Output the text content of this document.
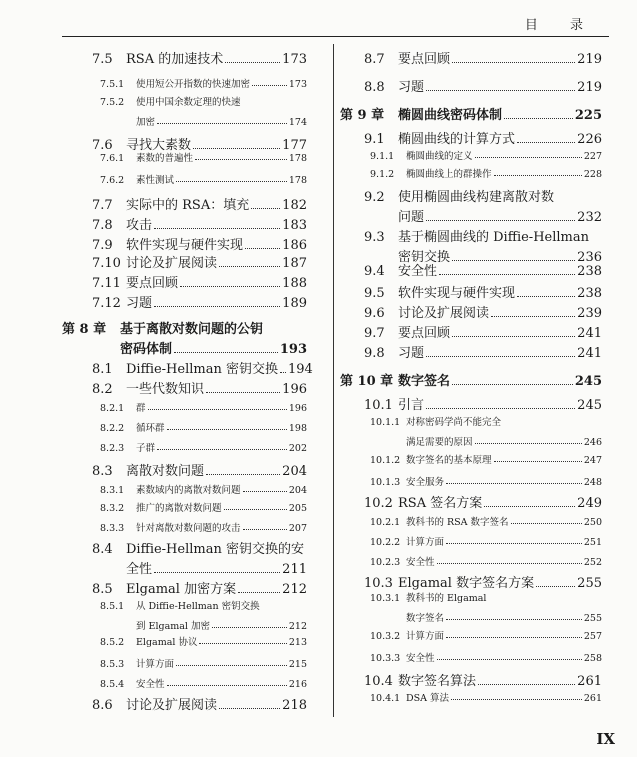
目 录
7.5	RSA 的加速技术	173
7.5.1	使用短公开指数的快速加密	173
7.5.2 使用中国余数定理的快速
加密	174
7.6	寻找大素数	177
7.6.1	素数的普遍性	178
7.6.2	素性测试	178
7.7	实际中的 RSA：填充	182
7.8	攻击	183
7.9	软件实现与硬件实现	186
7.10 讨论及扩展阅读	187
7.11 要点回顾	188
7.12 习题	189
第 8 章 基于离散对数问题的公钥
密码体制	193
8.1	Diffie-Hellman 密钥交换 194
8.2	一些代数知识	196
8.2.1	群	196
8.2.2	循环群	198
8.2.3	子群	202
8.3	离散对数问题	204
8.3.1	素数域内的离散对数问题	204
8.3.2	推广的离散对数问题	205
8.3.3	针对离散对数问题的攻击	207
8.4 Diffie-Hellman 密钥交换的安
全性	211
8.5	Elgamal 加密方案	212
8.5.1 从 Diffie-Hellman 密钥交换
到 Elgamal 加密	212
8.5.2	Elgamal 协议	213
8.5.3	计算方面	215
8.5.4	安全性	216
8.6	讨论及扩展阅读	218
8.7	要点回顾	219
8.8	习题	219
第 9 章	椭圆曲线密码体制	225
9.1	椭圆曲线的计算方式	226
9.1.1	椭圆曲线的定义	227
9.1.2	椭圆曲线上的群操作	228
9.2 使用椭圆曲线构建离散对数
问题	232
9.3 基于椭圆曲线的 Diffie-Hellman
密钥交换	236
9.4	安全性	238
9.5	软件实现与硬件实现	238
9.6	讨论及扩展阅读	239
9.7	要点回顾	241
9.8	习题	241
第 10 章 数字签名	245
10.1 引言	245
10.1.1 对称密码学尚不能完全
满足需要的原因	246
10.1.2 数字签名的基本原理	247
10.1.3 安全服务	248
10.2 RSA 签名方案	249
10.2.1 教科书的 RSA 数字签名	250
10.2.2 计算方面	251
10.2.3 安全性	252
10.3 Elgamal 数字签名方案	255
10.3.1 教科书的 Elgamal
数字签名	255
10.3.2 计算方面	257
10.3.3 安全性	258
10.4 数字签名算法	261
10.4.1 DSA 算法	261
IX
